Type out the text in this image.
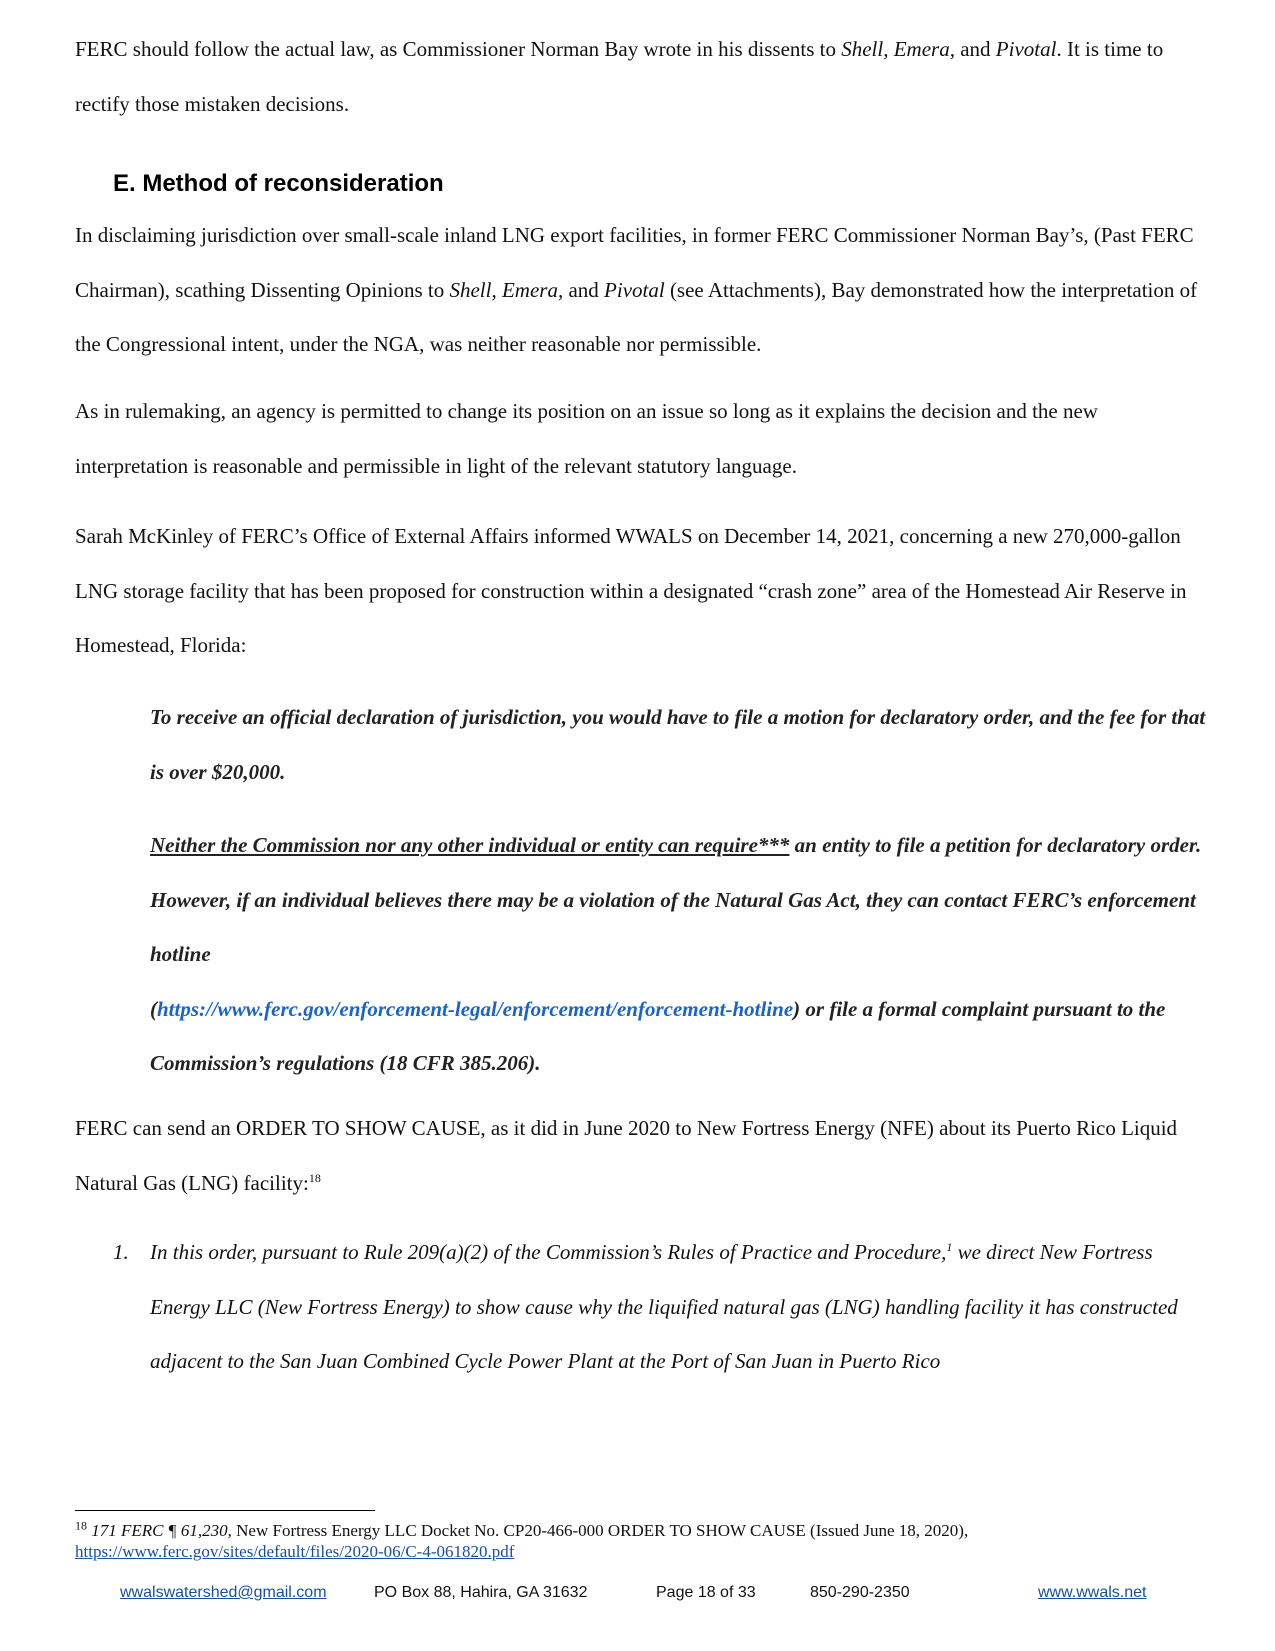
FERC should follow the actual law, as Commissioner Norman Bay wrote in his dissents to Shell, Emera, and Pivotal. It is time to rectify those mistaken decisions.

E. Method of reconsideration

In disclaiming jurisdiction over small-scale inland LNG export facilities, in former FERC Commissioner Norman Bay’s, (Past FERC Chairman), scathing Dissenting Opinions to Shell, Emera, and Pivotal (see Attachments), Bay demonstrated how the interpretation of the Congressional intent, under the NGA, was neither reasonable nor permissible.

As in rulemaking, an agency is permitted to change its position on an issue so long as it explains the decision and the new interpretation is reasonable and permissible in light of the relevant statutory language.

Sarah McKinley of FERC’s Office of External Affairs informed WWALS on December 14, 2021, concerning a new 270,000-gallon LNG storage facility that has been proposed for construction within a designated “crash zone” area of the Homestead Air Reserve in Homestead, Florida:

To receive an official declaration of jurisdiction, you would have to file a motion for declaratory order, and the fee for that is over $20,000.

Neither the Commission nor any other individual or entity can require*** an entity to file a petition for declaratory order. However, if an individual believes there may be a violation of the Natural Gas Act, they can contact FERC’s enforcement hotline
(https://www.ferc.gov/enforcement-legal/enforcement/enforcement-hotline) or file a formal complaint pursuant to the Commission’s regulations (18 CFR 385.206).

FERC can send an ORDER TO SHOW CAUSE, as it did in June 2020 to New Fortress Energy (NFE) about its Puerto Rico Liquid Natural Gas (LNG) facility:$^{18}$

1. In this order, pursuant to Rule 209(a)(2) of the Commission’s Rules of Practice and Procedure,$^1$ we direct New Fortress Energy LLC (New Fortress Energy) to show cause why the liquified natural gas (LNG) handling facility it has constructed adjacent to the San Juan Combined Cycle Power Plant at the Port of San Juan in Puerto Rico

$^{18}$ 171 FERC ¶ 61,230, New Fortress Energy LLC Docket No. CP20-466-000 ORDER TO SHOW CAUSE (Issued June 18, 2020),
https://www.ferc.gov/sites/default/files/2020-06/C-4-061820.pdf

wwalswatershed@gmail.com	PO Box 88, Hahira, GA 31632	Page 18 of 33	850-290-2350	www.wwals.net
